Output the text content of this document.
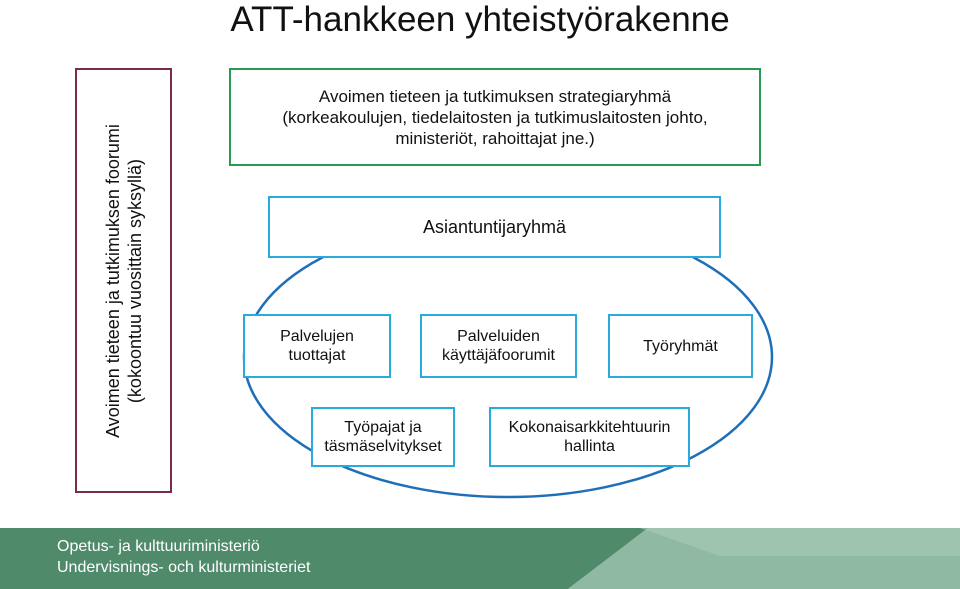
ATT-hankkeen yhteistyörakenne
Avoimen tieteen ja tutkimuksen foorumi (kokoontuu vuosittain syksyllä)
Avoimen tieteen ja tutkimuksen strategiaryhmä
(korkeakoulujen, tiedelaitosten ja tutkimuslaitosten johto,
ministeriöt, rahoittajat jne.)
Asiantuntijaryhmä
Palvelujen
tuottajat
Palveluiden
käyttäjäfoorumit
Työryhmät
Työpajat ja
täsmäselvitykset
Kokonaisarkkitehtuurin
hallinta
Opetus- ja kulttuuriministeriö
Undervisnings- och kulturministeriet
